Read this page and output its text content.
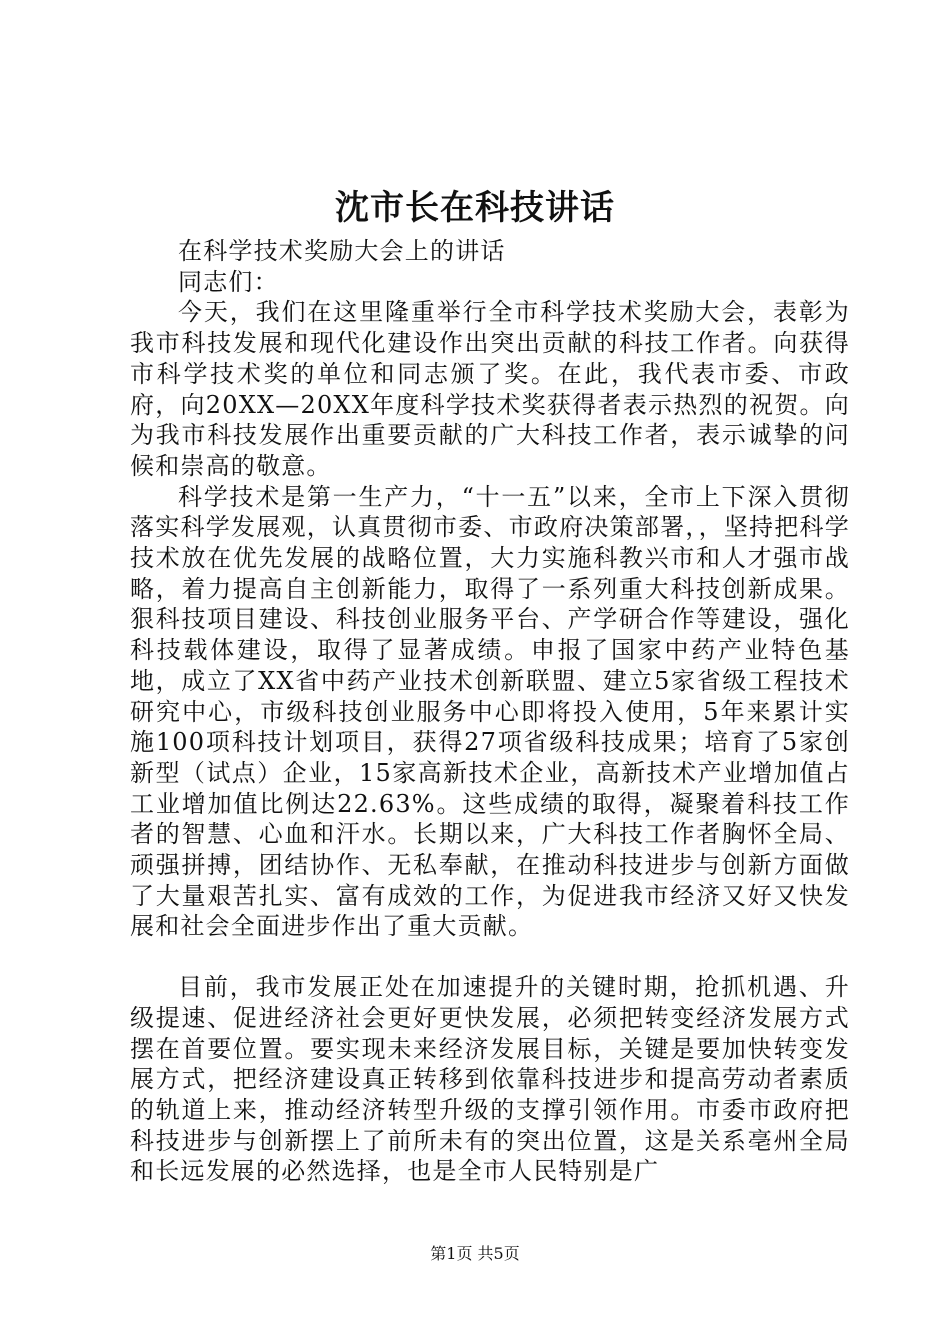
沈市长在科技讲话

在科学技术奖励大会上的讲话

同志们：

今天，我们在这里隆重举行全市科学技术奖励大会，表彰为我市科技发展和现代化建设作出突出贡献的科技工作者。向获得市科学技术奖的单位和同志颁了奖。在此，我代表市委、市政府，向20XX—20XX年度科学技术奖获得者表示热烈的祝贺。向为我市科技发展作出重要贡献的广大科技工作者，表示诚挚的问候和崇高的敬意。

科学技术是第一生产力，“十一五”以来，全市上下深入贯彻落实科学发展观，认真贯彻市委、市政府决策部署，，坚持把科学技术放在优先发展的战略位置，大力实施科教兴市和人才强市战略，着力提高自主创新能力，取得了一系列重大科技创新成果。狠科技项目建设、科技创业服务平台、产学研合作等建设，强化科技载体建设，取得了显著成绩。申报了国家中药产业特色基地，成立了XX省中药产业技术创新联盟、建立5家省级工程技术研究中心，市级科技创业服务中心即将投入使用，5年来累计实施100项科技计划项目，获得27项省级科技成果；培育了5家创新型（试点）企业，15家高新技术企业，高新技术产业增加值占工业增加值比例达22.63%。这些成绩的取得，凝聚着科技工作者的智慧、心血和汗水。长期以来，广大科技工作者胸怀全局、顽强拼搏，团结协作、无私奉献，在推动科技进步与创新方面做了大量艰苦扎实、富有成效的工作，为促进我市经济又好又快发展和社会全面进步作出了重大贡献。

目前，我市发展正处在加速提升的关键时期，抢抓机遇、升级提速、促进经济社会更好更快发展，必须把转变经济发展方式摆在首要位置。要实现未来经济发展目标，关键是要加快转变发展方式，把经济建设真正转移到依靠科技进步和提高劳动者素质的轨道上来，推动经济转型升级的支撑引领作用。市委市政府把科技进步与创新摆上了前所未有的突出位置，这是关系亳州全局和长远发展的必然选择，也是全市人民特别是广

第1页 共5页
